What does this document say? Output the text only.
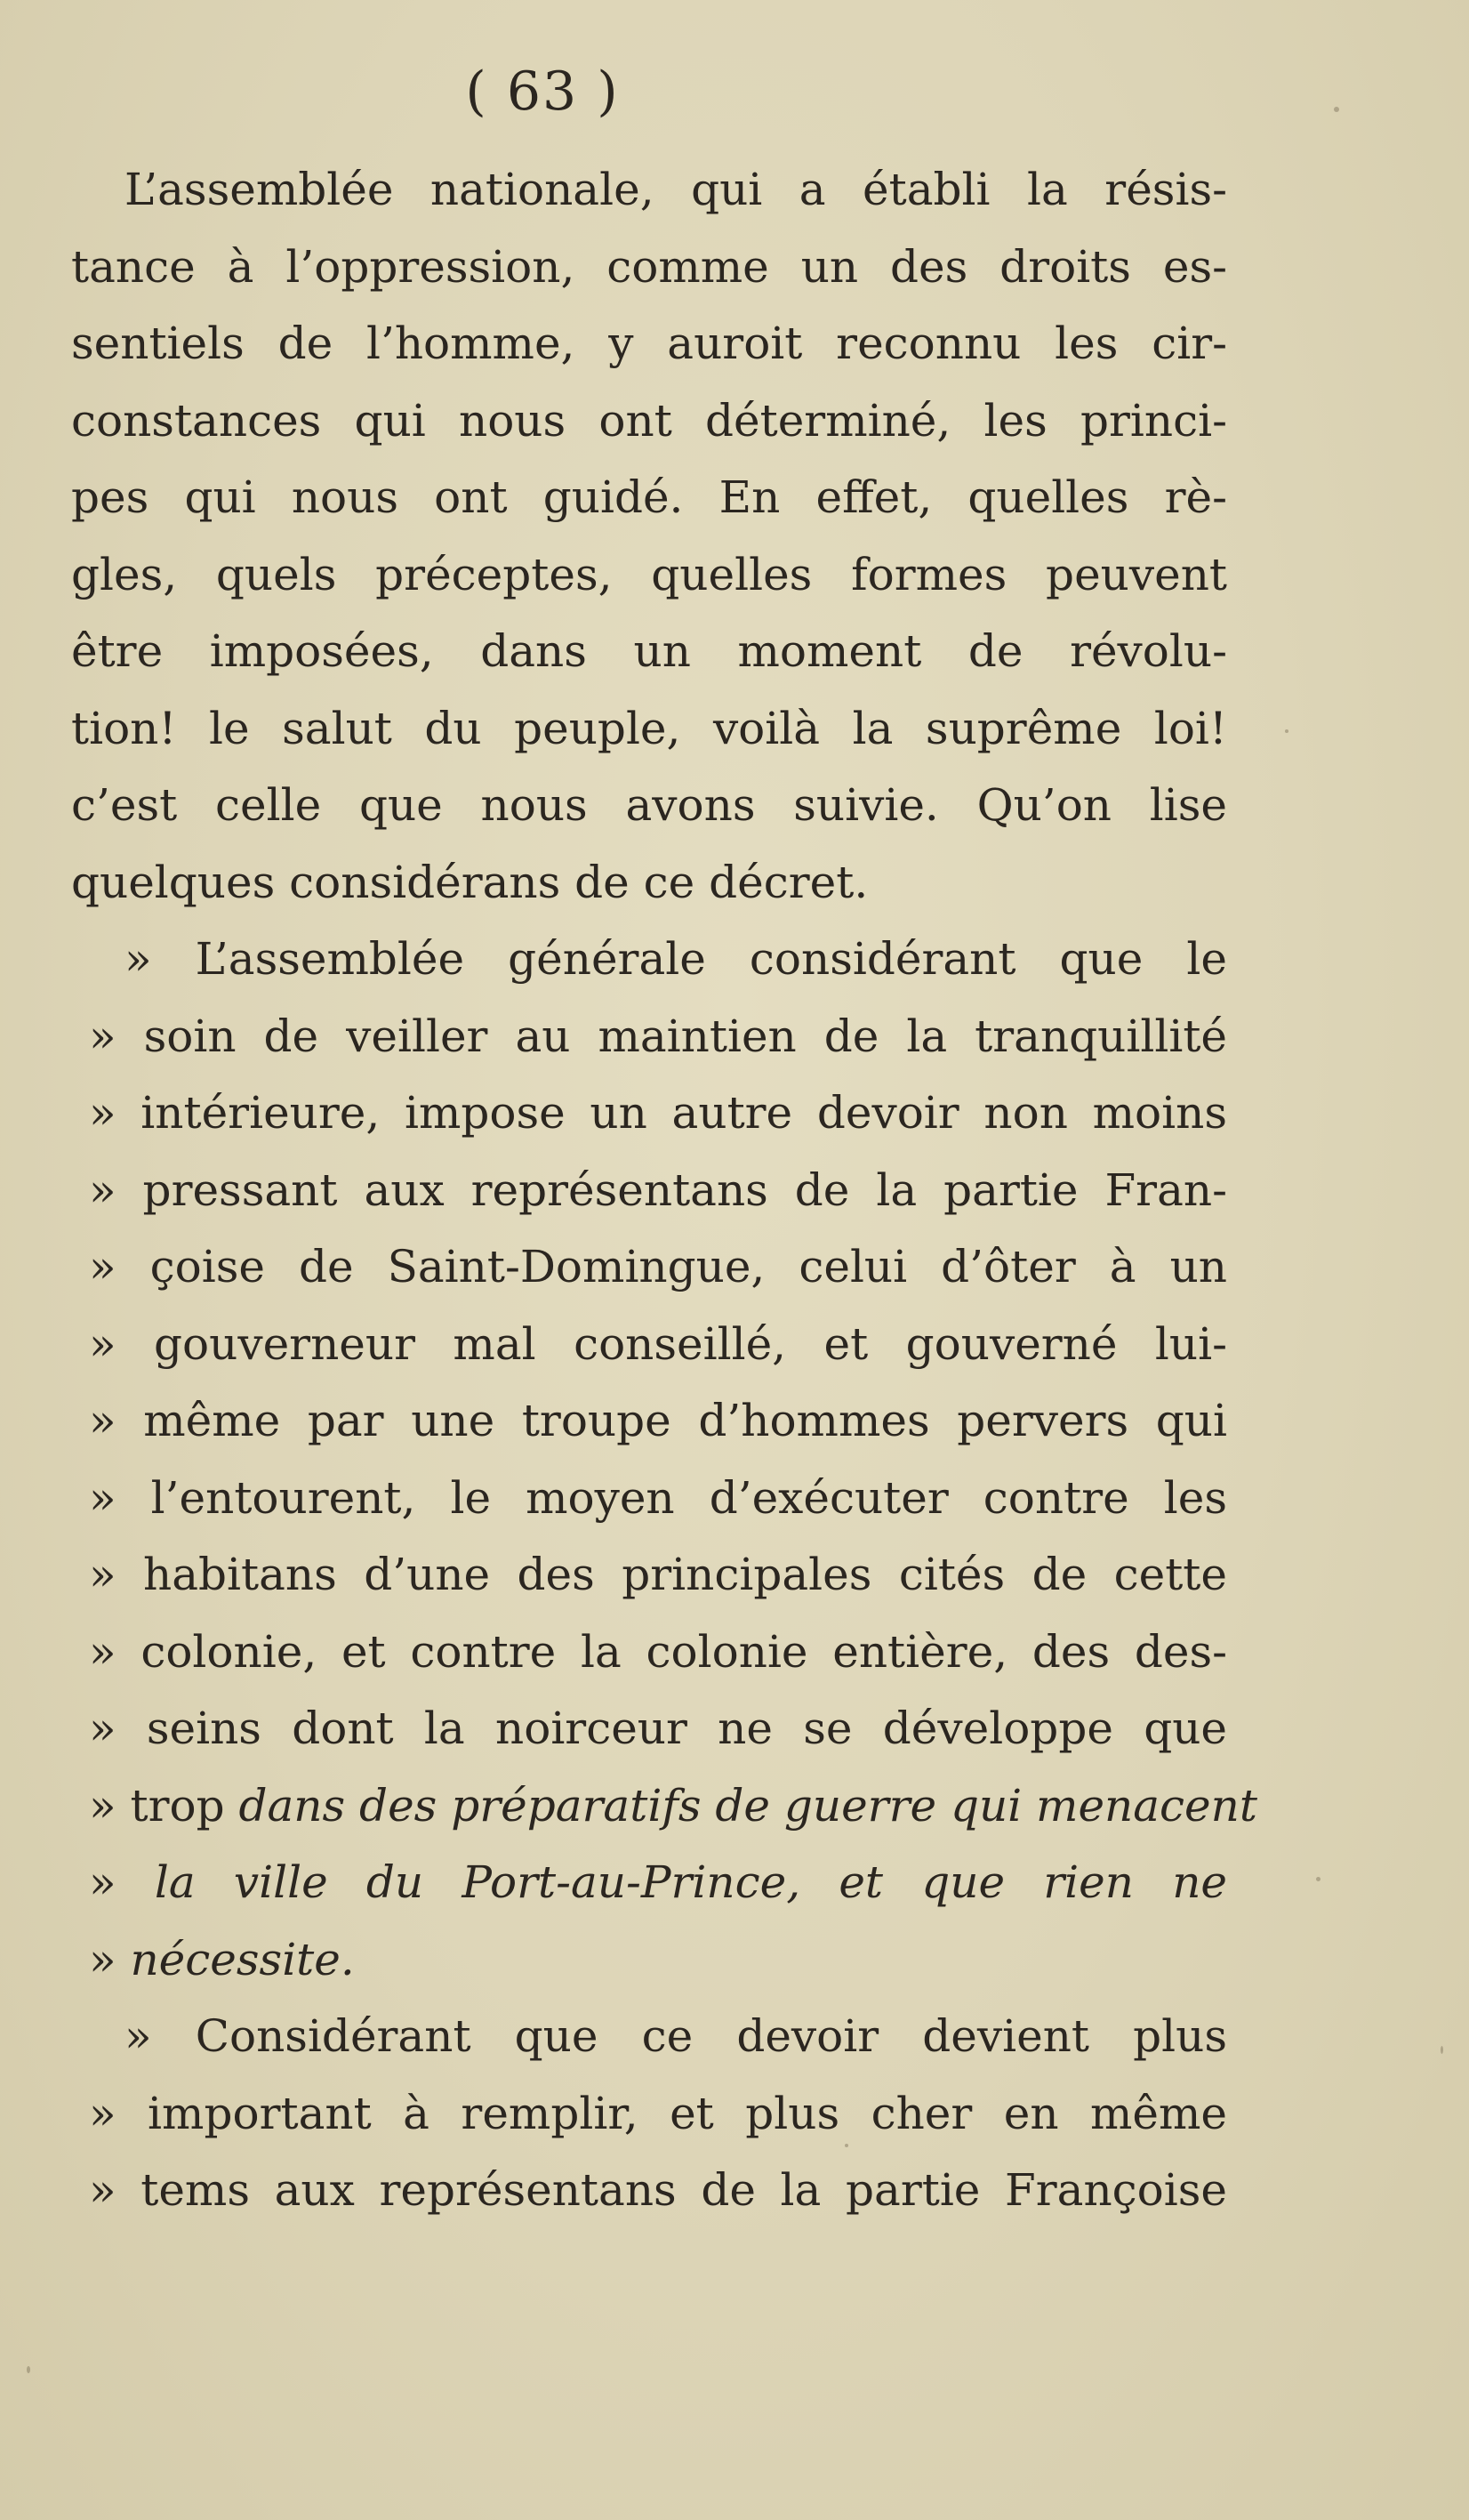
( 63 )
L’assemblée nationale, qui a établi la résis-
tance à l’oppression, comme un des droits es-
sentiels de l’homme, y auroit reconnu les cir-
constances qui nous ont déterminé, les princi-
pes qui nous ont guidé. En effet, quelles rè-
gles, quels préceptes, quelles formes peuvent
être imposées, dans un moment de révolu-
tion! le salut du peuple, voilà la suprême loi!
c’est celle que nous avons suivie. Qu’on lise
quelques considérans de ce décret.
» L’assemblée générale considérant que le
» soin de veiller au maintien de la tranquillité
» intérieure, impose un autre devoir non moins
» pressant aux représentans de la partie Fran-
» çoise de Saint-Domingue, celui d’ôter à un
» gouverneur mal conseillé, et gouverné lui-
» même par une troupe d’hommes pervers qui
» l’entourent, le moyen d’exécuter contre les
» habitans d’une des principales cités de cette
» colonie, et contre la colonie entière, des des-
» seins dont la noirceur ne se développe que
» trop dans des préparatifs de guerre qui menacent
» la ville du Port-au-Prince, et que rien ne
» nécessite.
» Considérant que ce devoir devient plus
» important à remplir, et plus cher en même
» tems aux représentans de la partie Françoise
